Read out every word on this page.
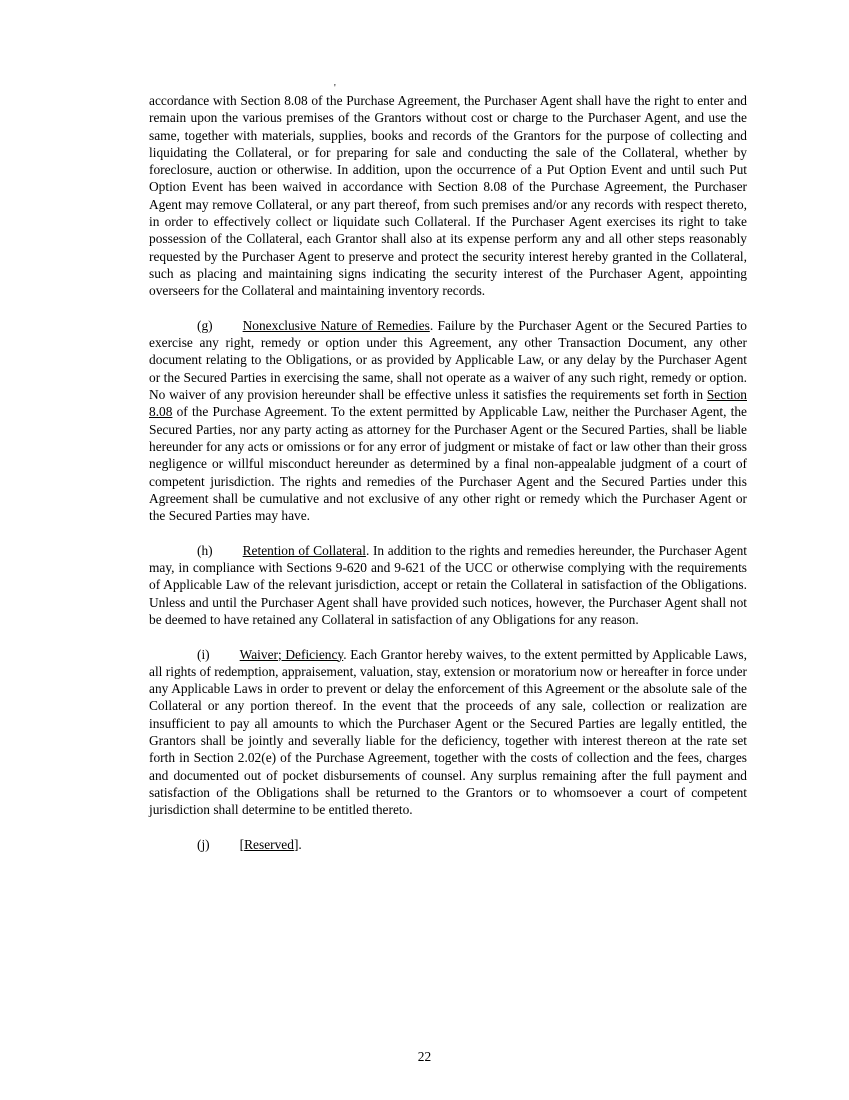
'

accordance with Section 8.08 of the Purchase Agreement, the Purchaser Agent shall have the right to enter and remain upon the various premises of the Grantors without cost or charge to the Purchaser Agent, and use the same, together with materials, supplies, books and records of the Grantors for the purpose of collecting and liquidating the Collateral, or for preparing for sale and conducting the sale of the Collateral, whether by foreclosure, auction or otherwise. In addition, upon the occurrence of a Put Option Event and until such Put Option Event has been waived in accordance with Section 8.08 of the Purchase Agreement, the Purchaser Agent may remove Collateral, or any part thereof, from such premises and/or any records with respect thereto, in order to effectively collect or liquidate such Collateral. If the Purchaser Agent exercises its right to take possession of the Collateral, each Grantor shall also at its expense perform any and all other steps reasonably requested by the Purchaser Agent to preserve and protect the security interest hereby granted in the Collateral, such as placing and maintaining signs indicating the security interest of the Purchaser Agent, appointing overseers for the Collateral and maintaining inventory records.

(g) Nonexclusive Nature of Remedies. Failure by the Purchaser Agent or the Secured Parties to exercise any right, remedy or option under this Agreement, any other Transaction Document, any other document relating to the Obligations, or as provided by Applicable Law, or any delay by the Purchaser Agent or the Secured Parties in exercising the same, shall not operate as a waiver of any such right, remedy or option. No waiver of any provision hereunder shall be effective unless it satisfies the requirements set forth in Section 8.08 of the Purchase Agreement. To the extent permitted by Applicable Law, neither the Purchaser Agent, the Secured Parties, nor any party acting as attorney for the Purchaser Agent or the Secured Parties, shall be liable hereunder for any acts or omissions or for any error of judgment or mistake of fact or law other than their gross negligence or willful misconduct hereunder as determined by a final non-appealable judgment of a court of competent jurisdiction. The rights and remedies of the Purchaser Agent and the Secured Parties under this Agreement shall be cumulative and not exclusive of any other right or remedy which the Purchaser Agent or the Secured Parties may have.

(h) Retention of Collateral. In addition to the rights and remedies hereunder, the Purchaser Agent may, in compliance with Sections 9-620 and 9-621 of the UCC or otherwise complying with the requirements of Applicable Law of the relevant jurisdiction, accept or retain the Collateral in satisfaction of the Obligations. Unless and until the Purchaser Agent shall have provided such notices, however, the Purchaser Agent shall not be deemed to have retained any Collateral in satisfaction of any Obligations for any reason.

(i) Waiver; Deficiency. Each Grantor hereby waives, to the extent permitted by Applicable Laws, all rights of redemption, appraisement, valuation, stay, extension or moratorium now or hereafter in force under any Applicable Laws in order to prevent or delay the enforcement of this Agreement or the absolute sale of the Collateral or any portion thereof. In the event that the proceeds of any sale, collection or realization are insufficient to pay all amounts to which the Purchaser Agent or the Secured Parties are legally entitled, the Grantors shall be jointly and severally liable for the deficiency, together with interest thereon at the rate set forth in Section 2.02(e) of the Purchase Agreement, together with the costs of collection and the fees, charges and documented out of pocket disbursements of counsel. Any surplus remaining after the full payment and satisfaction of the Obligations shall be returned to the Grantors or to whomsoever a court of competent jurisdiction shall determine to be entitled thereto.

(j) [Reserved].

22
